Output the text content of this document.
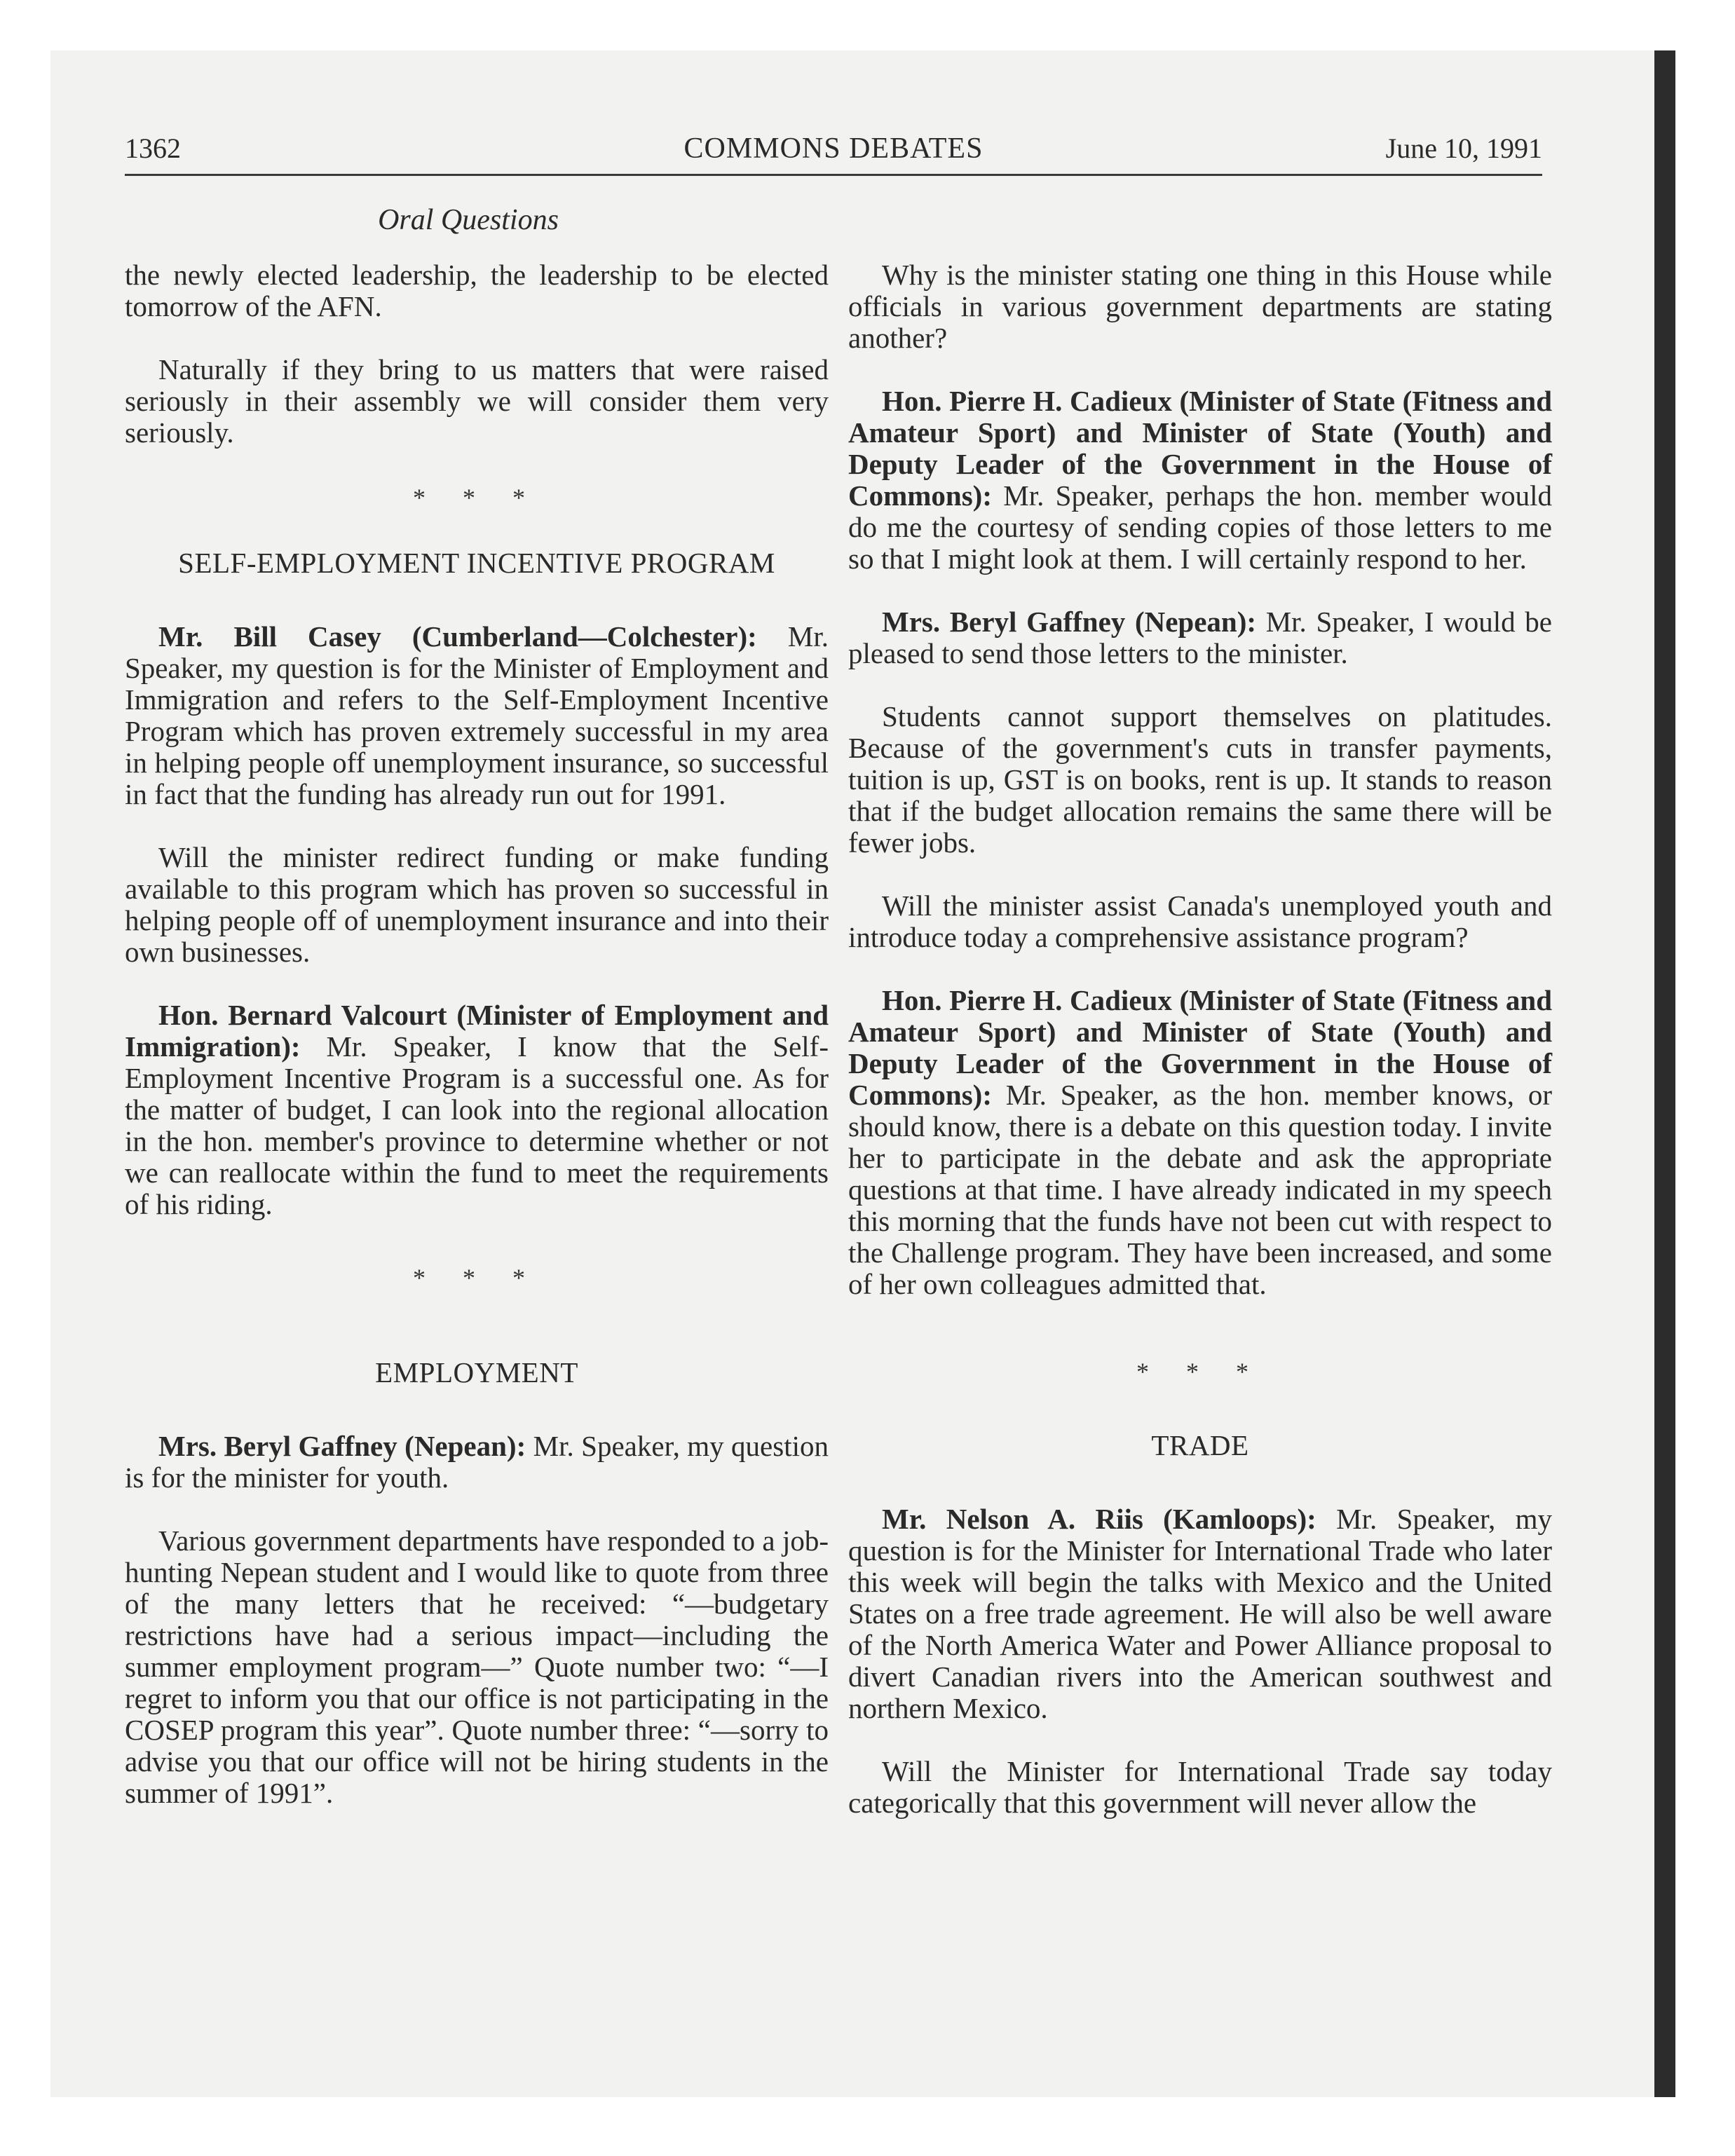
1362	COMMONS DEBATES	June 10, 1991
Oral Questions

the newly elected leadership, the leadership to be elected tomorrow of the AFN.

Naturally if they bring to us matters that were raised seriously in their assembly we will consider them very seriously.

* * *
SELF-EMPLOYMENT INCENTIVE PROGRAM

Mr. Bill Casey (Cumberland—Colchester): Mr. Speaker, my question is for the Minister of Employment and Immigration and refers to the Self-Employment Incentive Program which has proven extremely successful in my area in helping people off unemployment insurance, so successful in fact that the funding has already run out for 1991.

Will the minister redirect funding or make funding available to this program which has proven so successful in helping people off of unemployment insurance and into their own businesses.

Hon. Bernard Valcourt (Minister of Employment and Immigration): Mr. Speaker, I know that the Self-Employment Incentive Program is a successful one. As for the matter of budget, I can look into the regional allocation in the hon. member's province to determine whether or not we can reallocate within the fund to meet the requirements of his riding.

* * *
EMPLOYMENT

Mrs. Beryl Gaffney (Nepean): Mr. Speaker, my question is for the minister for youth.

Various government departments have responded to a job-hunting Nepean student and I would like to quote from three of the many letters that he received: “—budgetary restrictions have had a serious impact—including the summer employment program—” Quote number two: “—I regret to inform you that our office is not participating in the COSEP program this year”. Quote number three: “—sorry to advise you that our office will not be hiring students in the summer of 1991”.

Why is the minister stating one thing in this House while officials in various government departments are stating another?

Hon. Pierre H. Cadieux (Minister of State (Fitness and Amateur Sport) and Minister of State (Youth) and Deputy Leader of the Government in the House of Commons): Mr. Speaker, perhaps the hon. member would do me the courtesy of sending copies of those letters to me so that I might look at them. I will certainly respond to her.

Mrs. Beryl Gaffney (Nepean): Mr. Speaker, I would be pleased to send those letters to the minister.

Students cannot support themselves on platitudes. Because of the government's cuts in transfer payments, tuition is up, GST is on books, rent is up. It stands to reason that if the budget allocation remains the same there will be fewer jobs.

Will the minister assist Canada's unemployed youth and introduce today a comprehensive assistance program?

Hon. Pierre H. Cadieux (Minister of State (Fitness and Amateur Sport) and Minister of State (Youth) and Deputy Leader of the Government in the House of Commons): Mr. Speaker, as the hon. member knows, or should know, there is a debate on this question today. I invite her to participate in the debate and ask the appropriate questions at that time. I have already indicated in my speech this morning that the funds have not been cut with respect to the Challenge program. They have been increased, and some of her own colleagues admitted that.

* * *
TRADE

Mr. Nelson A. Riis (Kamloops): Mr. Speaker, my question is for the Minister for International Trade who later this week will begin the talks with Mexico and the United States on a free trade agreement. He will also be well aware of the North America Water and Power Alliance proposal to divert Canadian rivers into the American southwest and northern Mexico.

Will the Minister for International Trade say today categorically that this government will never allow the
